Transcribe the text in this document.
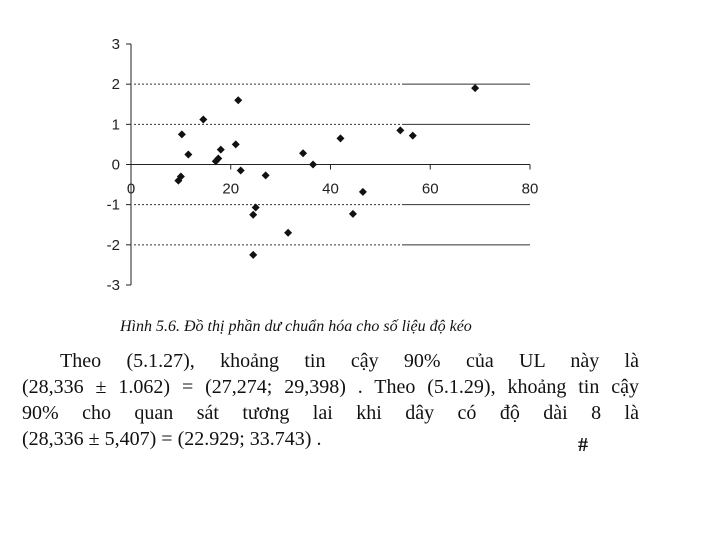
3
2
1
0
-1
-2
-3
0	20	40	60	80
Hình 5.6. Đồ thị phần dư chuẩn hóa cho số liệu độ kéo
Theo (5.1.27), khoảng tin cậy 90% của UL này là
(28,336 ± 1.062) = (27,274; 29,398) . Theo (5.1.29), khoảng tin cậy
90% cho quan sát tương lai khi dây có độ dài 8 là
(28,336 ± 5,407) = (22.929; 33.743) .	#
